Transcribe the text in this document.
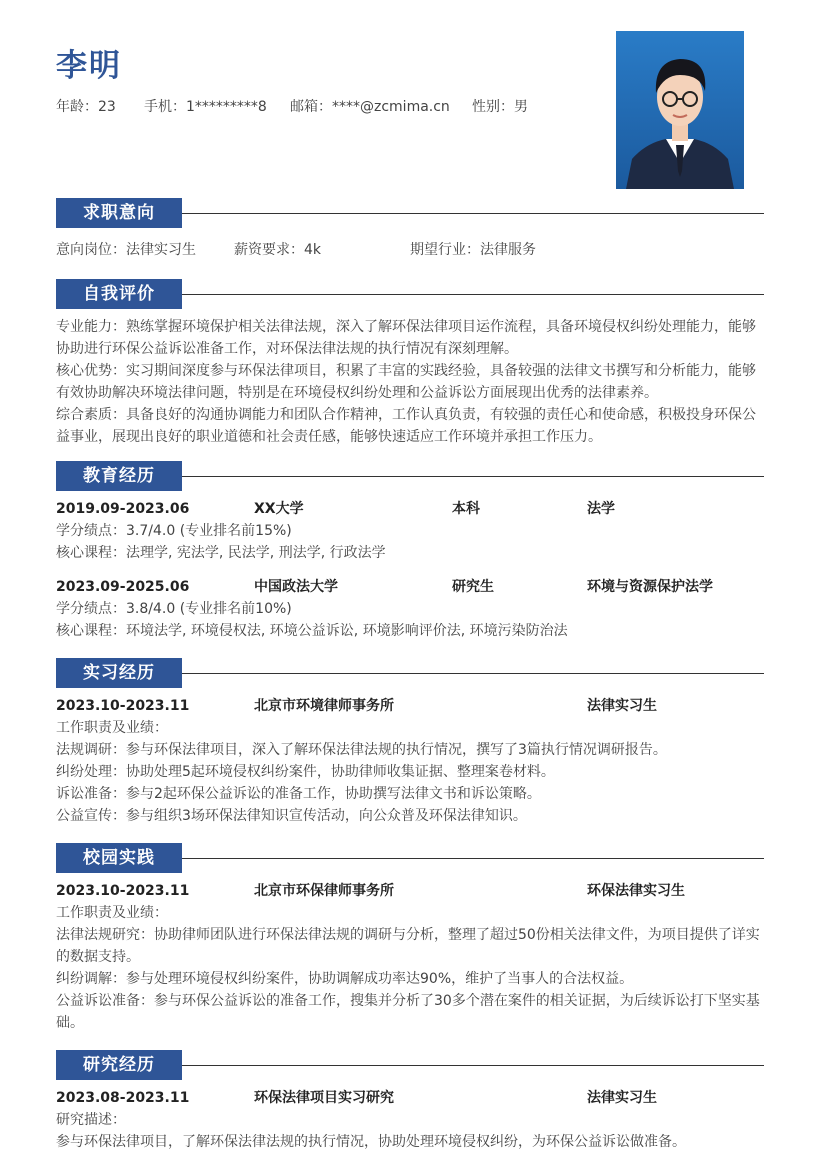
李明
年龄：23	手机：1*********8	邮箱：****@zcmima.cn	性别：男
求职意向
意向岗位：法律实习生	薪资要求：4k	期望行业：法律服务
自我评价

专业能力：熟练掌握环境保护相关法律法规，深入了解环保法律项目运作流程，具备环境侵权纠纷处理能力，能够协助进行环保公益诉讼准备工作，对环保法律法规的执行情况有深刻理解。

核心优势：实习期间深度参与环保法律项目，积累了丰富的实践经验，具备较强的法律文书撰写和分析能力，能够有效协助解决环境法律问题，特别是在环境侵权纠纷处理和公益诉讼方面展现出优秀的法律素养。

综合素质：具备良好的沟通协调能力和团队合作精神，工作认真负责，有较强的责任心和使命感，积极投身环保公益事业，展现出良好的职业道德和社会责任感，能够快速适应工作环境并承担工作压力。

教育经历
2019.09-2023.06	XX大学	本科	法学

学分绩点：3.7/4.0 (专业排名前15%)

核心课程：法理学, 宪法学, 民法学, 刑法学, 行政法学

2023.09-2025.06	中国政法大学	研究生	环境与资源保护法学

学分绩点：3.8/4.0 (专业排名前10%)

核心课程：环境法学, 环境侵权法, 环境公益诉讼, 环境影响评价法, 环境污染防治法

实习经历
2023.10-2023.11	北京市环境律师事务所	法律实习生

工作职责及业绩：

法规调研：参与环保法律项目，深入了解环保法律法规的执行情况，撰写了3篇执行情况调研报告。

纠纷处理：协助处理5起环境侵权纠纷案件，协助律师收集证据、整理案卷材料。

诉讼准备：参与2起环保公益诉讼的准备工作，协助撰写法律文书和诉讼策略。

公益宣传：参与组织3场环保法律知识宣传活动，向公众普及环保法律知识。

校园实践
2023.10-2023.11	北京市环保律师事务所	环保法律实习生

工作职责及业绩：

法律法规研究：协助律师团队进行环保法律法规的调研与分析，整理了超过50份相关法律文件，为项目提供了详实的数据支持。

纠纷调解：参与处理环境侵权纠纷案件，协助调解成功率达90%，维护了当事人的合法权益。

公益诉讼准备：参与环保公益诉讼的准备工作，搜集并分析了30多个潜在案件的相关证据，为后续诉讼打下坚实基础。

研究经历
2023.08-2023.11	环保法律项目实习研究	法律实习生

研究描述：

参与环保法律项目，了解环保法律法规的执行情况，协助处理环境侵权纠纷，为环保公益诉讼做准备。
